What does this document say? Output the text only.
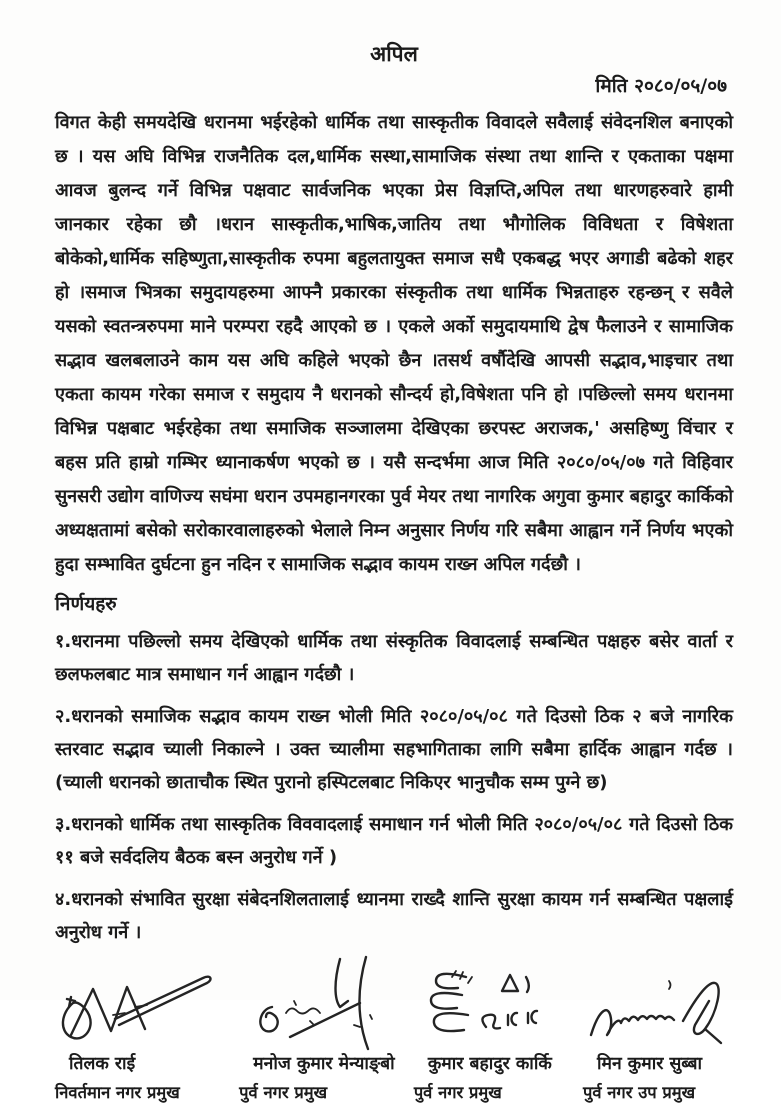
अपिल
मिति २०८०/०५/०७

विगत केही समयदेखि धरानमा भईरहेको धार्मिक तथा सास्कृतीक विवादले सवैलाई संवेदनशिल बनाएको छ । यस अघि विभिन्न राजनैतिक दल,धार्मिक सस्था,सामाजिक संस्था तथा शान्ति र एकताका पक्षमा आवज बुलन्द गर्ने विभिन्न पक्षवाट सार्वजनिक भएका प्रेस विज्ञप्ति,अपिल तथा धारणहरुवारे हामी जानकार रहेका छौ ।धरान सास्कृतीक,भाषिक,जातिय तथा भौगोलिक विविधता र विषेशता बोकेको,धार्मिक सहिष्णुता,सास्कृतीक रुपमा बहुलतायुक्त समाज सधै एकबद्ध भएर अगाडी बढेको शहर हो ।समाज भित्रका समुदायहरुमा आफ्नै प्रकारका संस्कृतीक तथा धार्मिक भिन्नताहरु रहन्छन् र सवैले यसको स्वतन्त्ररुपमा माने परम्परा रहदै आएको छ । एकले अर्को समुदायमाथि द्वेष फैलाउने र सामाजिक सद्भाव खलबलाउने काम यस अघि कहिले भएको छैन ।तसर्थ वर्षौदेखि आपसी सद्भाव,भाइचार तथा एकता कायम गरेका समाज र समुदाय नै धरानको सौन्दर्य हो,विषेशता पनि हो ।पछिल्लो समय धरानमा विभिन्न पक्षबाट भईरहेका तथा समाजिक सञ्जालमा देखिएका छरपस्ट अराजक,' असहिष्णु विंचार र बहस प्रति हाम्रो गम्भिर ध्यानाकर्षण भएको छ । यसै सन्दर्भमा आज मिति २०८०/०५/०७ गते विहिवार सुनसरी उद्योग वाणिज्य सघंमा धरान उपमहानगरका पुर्व मेयर तथा नागरिक अगुवा कुमार बहादुर कार्किको अध्यक्षतामां बसेको सरोकारवालाहरुको भेलाले निम्न अनुसार निर्णय गरि सबैमा आह्वान गर्ने निर्णय भएको हुदा सम्भावित दुर्घटना हुन नदिन र सामाजिक सद्भाव कायम राख्न अपिल गर्दछौ ।

निर्णयहरु

१.धरानमा पछिल्लो समय देखिएको धार्मिक तथा संस्कृतिक विवादलाई सम्बन्धित पक्षहरु बसेर वार्ता र छलफलबाट मात्र समाधान गर्न आह्वान गर्दछौ ।

२.धरानको समाजिक सद्भाव कायम राख्न भोली मिति २०८०/०५/०८ गते दिउसो ठिक २ बजे नागरिक स्तरवाट सद्भाव च्याली निकाल्ने । उक्त च्यालीमा सहभागिताका लागि सबैमा हार्दिक आह्वान गर्दछ ।(च्याली धरानको छाताचौक स्थित पुरानो हस्पिटलबाट निकिएर भानुचौक सम्म पुग्ने छ)

३.धरानको धार्मिक तथा सास्कृतिक विववादलाई समाधान गर्न भोली मिति २०८०/०५/०८ गते दिउसो ठिक ११ बजे सर्वदलिय बैठक बस्न अनुरोध गर्ने )

४.धरानको संभावित सुरक्षा संबेदनशिलतालाई ध्यानमा राख्दै शान्ति सुरक्षा कायम गर्न सम्बन्धित पक्षलाई अनुरोध गर्ने ।

तिलक राई
निवर्तमान नगर प्रमुख
मनोज कुमार मेन्याङ्बो
पुर्व नगर प्रमुख
कुमार बहादुर कार्कि
पुर्व नगर प्रमुख
मिन कुमार सुब्बा
पुर्व नगर उप प्रमुख
